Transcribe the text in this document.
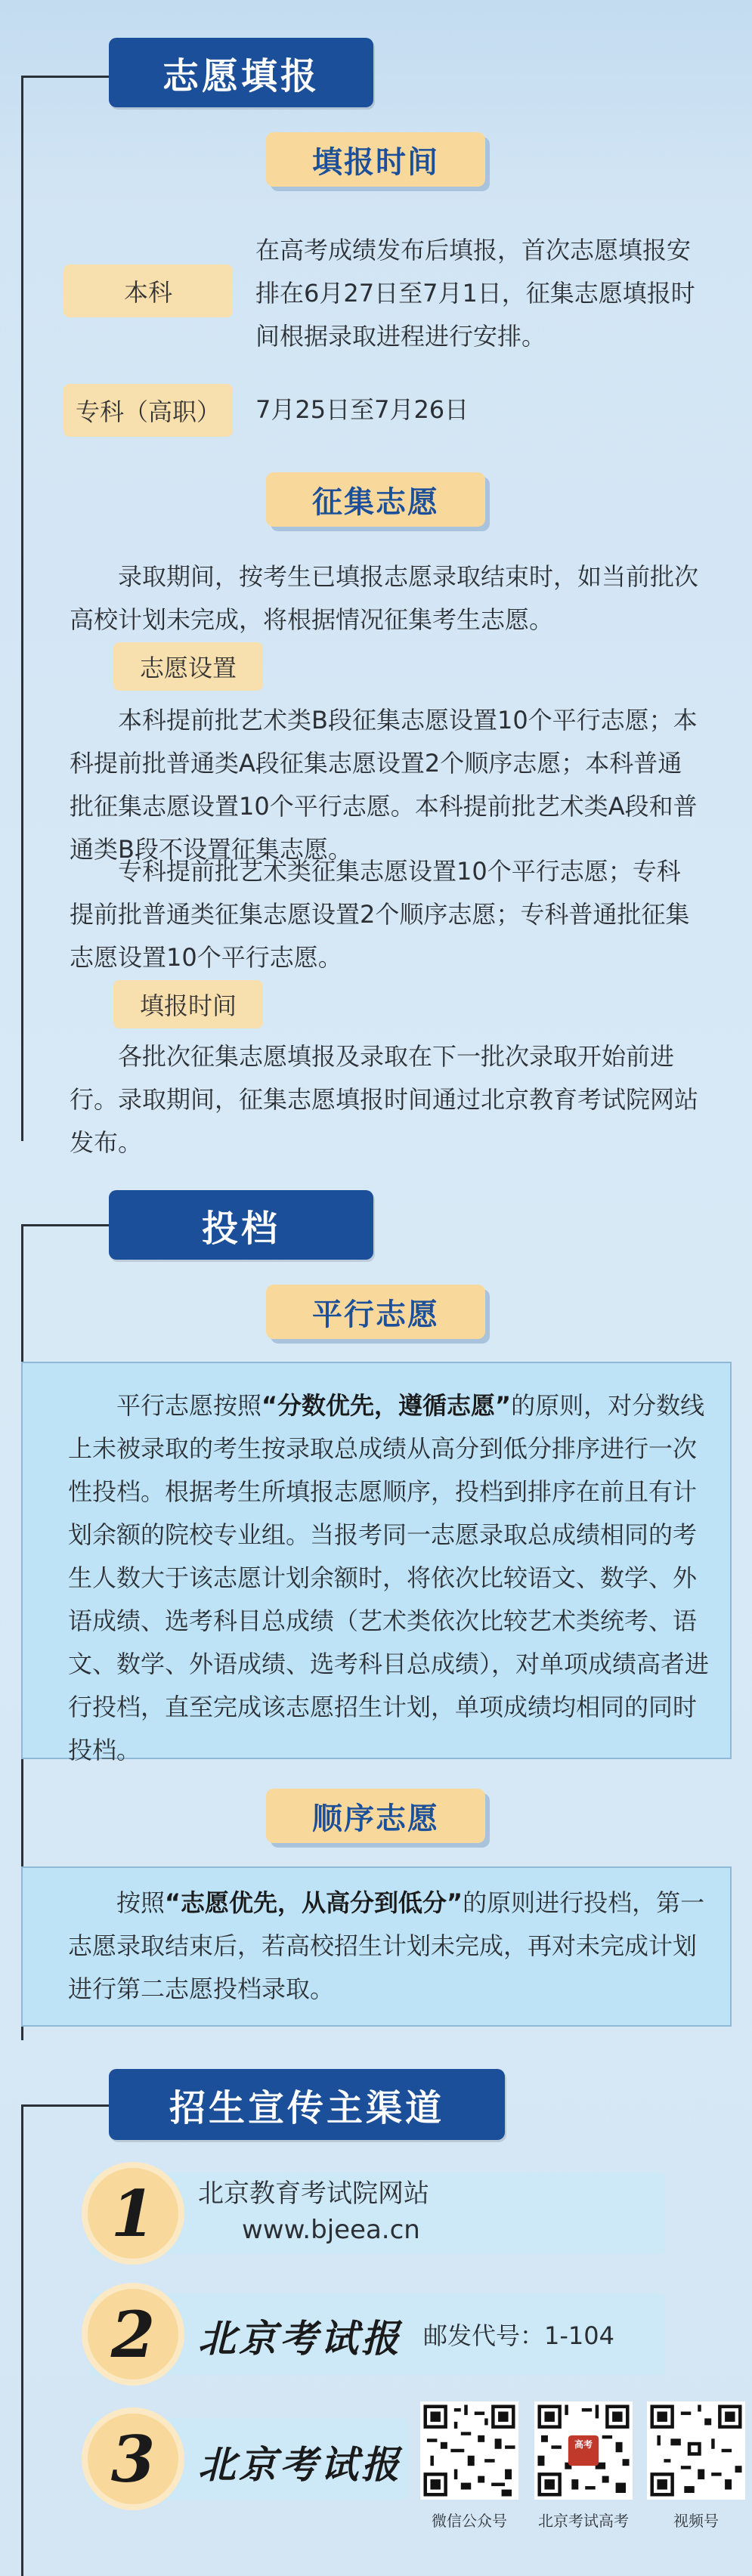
志愿填报
填报时间
本科
在高考成绩发布后填报，首次志愿填报安排在6月27日至7月1日，征集志愿填报时间根据录取进程进行安排。
专科（高职）	7月25日至7月26日
征集志愿
录取期间，按考生已填报志愿录取结束时，如当前批次高校计划未完成，将根据情况征集考生志愿。
志愿设置
本科提前批艺术类B段征集志愿设置10个平行志愿；本科提前批普通类A段征集志愿设置2个顺序志愿；本科普通批征集志愿设置10个平行志愿。本科提前批艺术类A段和普通类B段不设置征集志愿。
专科提前批艺术类征集志愿设置10个平行志愿；专科提前批普通类征集志愿设置2个顺序志愿；专科普通批征集志愿设置10个平行志愿。
填报时间
各批次征集志愿填报及录取在下一批次录取开始前进行。录取期间，征集志愿填报时间通过北京教育考试院网站发布。
投档
平行志愿
平行志愿按照“分数优先，遵循志愿”的原则，对分数线上未被录取的考生按录取总成绩从高分到低分排序进行一次性投档。根据考生所填报志愿顺序，投档到排序在前且有计划余额的院校专业组。当报考同一志愿录取总成绩相同的考生人数大于该志愿计划余额时，将依次比较语文、数学、外语成绩、选考科目总成绩（艺术类依次比较艺术类统考、语文、数学、外语成绩、选考科目总成绩），对单项成绩高者进行投档，直至完成该志愿招生计划，单项成绩均相同的同时投档。
顺序志愿
按照“志愿优先，从高分到低分”的原则进行投档，第一志愿录取结束后，若高校招生计划未完成，再对未完成计划进行第二志愿投档录取。
招生宣传主渠道
1	北京教育考试院网站
www.bjeea.cn
2	北京考试报 邮发代号：1-104
3	北京考试报	高考
微信公众号	北京考试高考	视频号
